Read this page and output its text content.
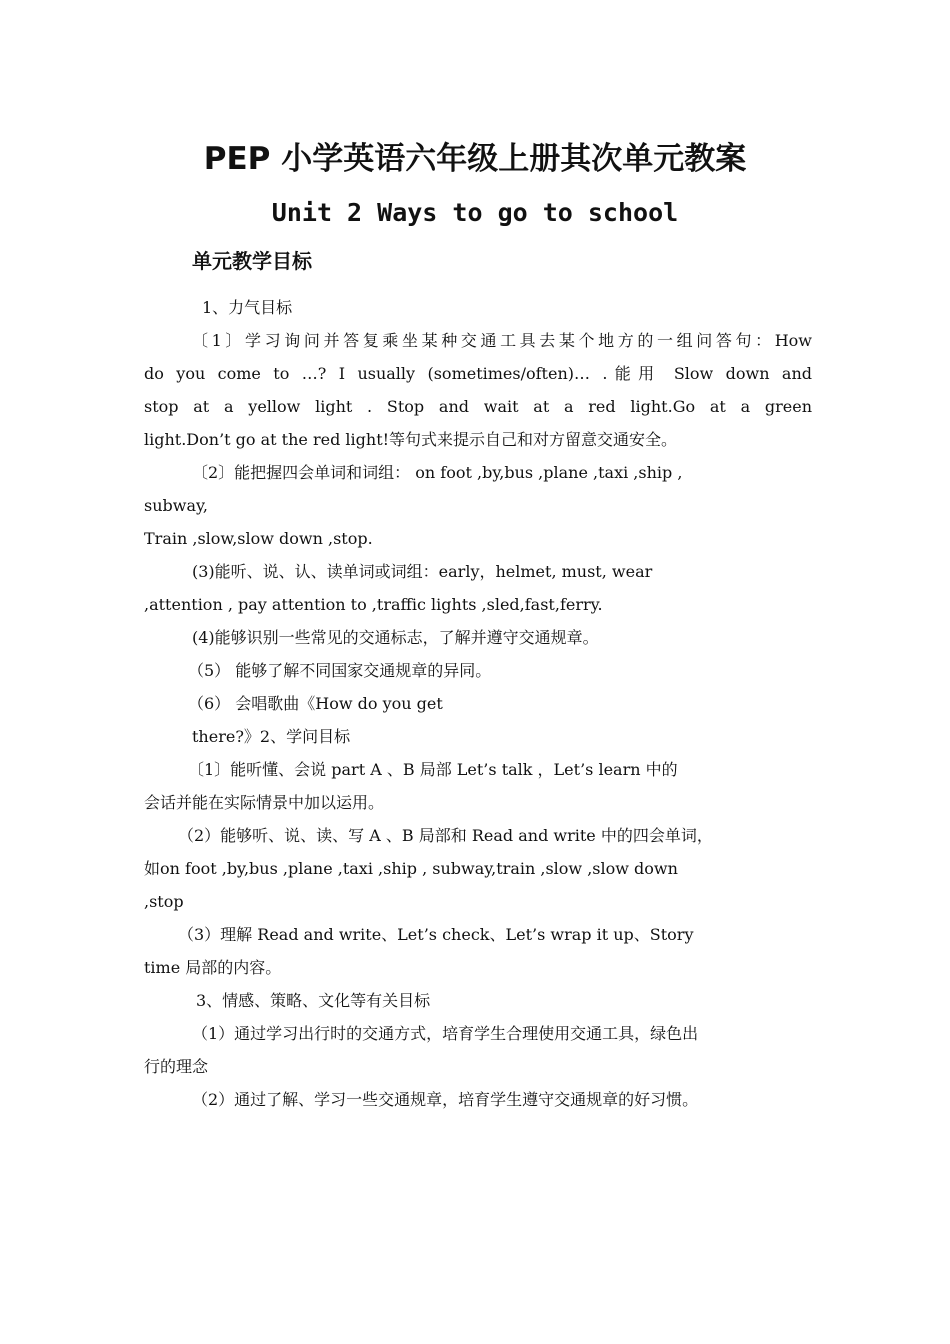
PEP 小学英语六年级上册其次单元教案
Unit 2 Ways to go to school
单元教学目标
1、力气目标
〔1〕学习询问并答复乘坐某种交通工具去某个地方的一组问答句：How
do you come to …? I usually (sometimes/often)… .能用 Slow down and
stop at a yellow light . Stop and wait at a red light.Go at a green
light.Don’t go at the red light!等句式来提示自己和对方留意交通安全。
〔2〕能把握四会单词和词组： on foot ,by,bus ,plane ,taxi ,ship ,
subway,
Train ,slow,slow down ,stop.
(3)能听、说、认、读单词或词组：early，helmet, must, wear
,attention , pay attention to ,traffic lights ,sled,fast,ferry.
(4)能够识别一些常见的交通标志，了解并遵守交通规章。
（5） 能够了解不同国家交通规章的异同。
（6） 会唱歌曲《How do you get
there?》2、学问目标
〔1〕能听懂、会说 part A 、B 局部 Let’s talk ，Let’s learn 中的
会话并能在实际情景中加以运用。
（2）能够听、说、读、写 A 、B 局部和 Read and write 中的四会单词，
如on foot ,by,bus ,plane ,taxi ,ship , subway,train ,slow ,slow down
,stop
（3）理解 Read and write、Let’s check、Let’s wrap it up、Story
time 局部的内容。
3、情感、策略、文化等有关目标
（1）通过学习出行时的交通方式，培育学生合理使用交通工具，绿色出
行的理念
（2）通过了解、学习一些交通规章，培育学生遵守交通规章的好习惯。
